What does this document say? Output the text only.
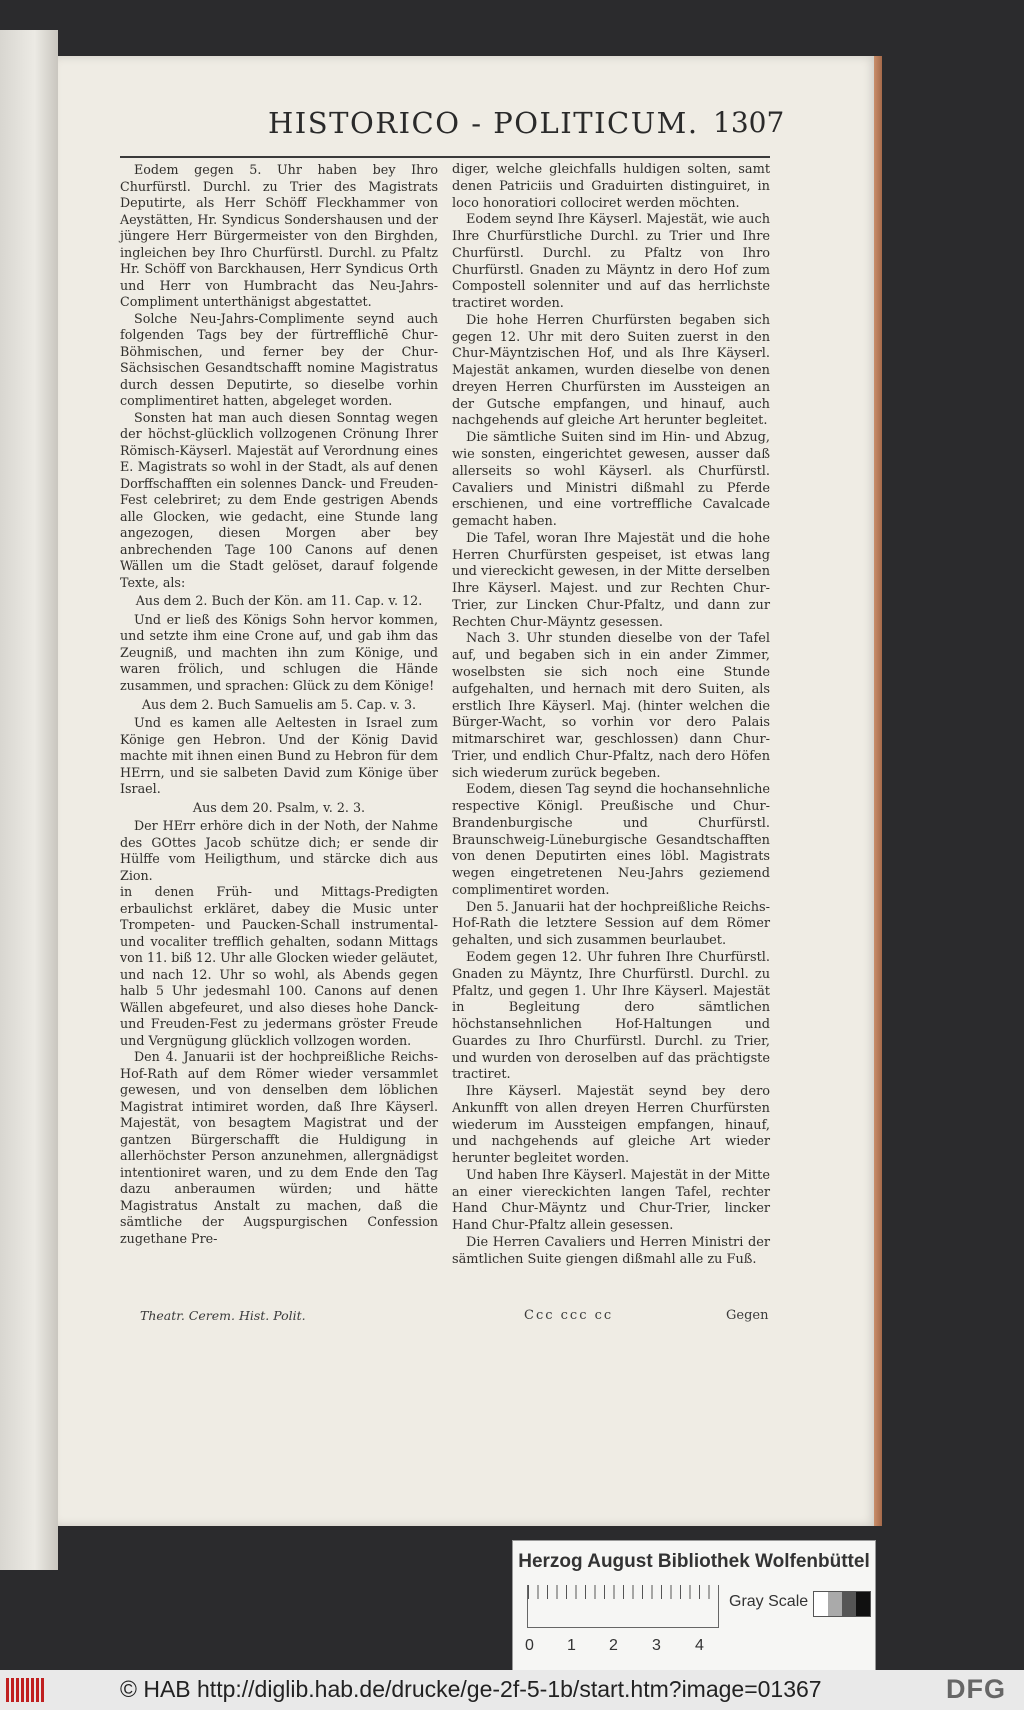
HISTORICO - POLITICUM. 1307

Eodem gegen 5. Uhr haben bey Ihro Churfürstl. Durchl. zu Trier des Magistrats Deputirte, als Herr Schöff Fleckhammer von Aeystätten, Hr. Syndicus Sondershausen und der jüngere Herr Bürgermeister von den Birghden, ingleichen bey Ihro Churfürstl. Durchl. zu Pfaltz Hr. Schöff von Barckhausen, Herr Syndicus Orth und Herr von Humbracht das Neu-Jahrs-Compliment unterthänigst abgestattet.

Solche Neu-Jahrs-Complimente seynd auch folgenden Tags bey der fürtrefflichē Chur-Böhmischen, und ferner bey der Chur-Sächsischen Gesandtschafft nomine Magistratus durch dessen Deputirte, so dieselbe vorhin complimentiret hatten, abgeleget worden.

Sonsten hat man auch diesen Sonntag wegen der höchst-glücklich vollzogenen Crönung Ihrer Römisch-Käyserl. Majestät auf Verordnung eines E. Magistrats so wohl in der Stadt, als auf denen Dorffschafften ein solennes Danck- und Freuden-Fest celebriret; zu dem Ende gestrigen Abends alle Glocken, wie gedacht, eine Stunde lang angezogen, diesen Morgen aber bey anbrechenden Tage 100 Canons auf denen Wällen um die Stadt gelöset, darauf folgende Texte, als:

Aus dem 2. Buch der Kön. am 11. Cap. v. 12.

Und er ließ des Königs Sohn hervor kommen, und setzte ihm eine Crone auf, und gab ihm das Zeugniß, und machten ihn zum Könige, und waren frölich, und schlugen die Hände zusammen, und sprachen: Glück zu dem Könige!

Aus dem 2. Buch Samuelis am 5. Cap. v. 3.

Und es kamen alle Aeltesten in Israel zum Könige gen Hebron. Und der König David machte mit ihnen einen Bund zu Hebron für dem HErrn, und sie salbeten David zum Könige über Israel.

Aus dem 20. Psalm, v. 2. 3.

Der HErr erhöre dich in der Noth, der Nahme des GOttes Jacob schütze dich; er sende dir Hülffe vom Heiligthum, und stärcke dich aus Zion.

in denen Früh- und Mittags-Predigten erbaulichst erkläret, dabey die Music unter Trompeten- und Paucken-Schall instrumental- und vocaliter trefflich gehalten, sodann Mittags von 11. biß 12. Uhr alle Glocken wieder geläutet, und nach 12. Uhr so wohl, als Abends gegen halb 5 Uhr jedesmahl 100. Canons auf denen Wällen abgefeuret, und also dieses hohe Danck- und Freuden-Fest zu jedermans gröster Freude und Vergnügung glücklich vollzogen worden.

Den 4. Januarii ist der hochpreißliche Reichs-Hof-Rath auf dem Römer wieder versammlet gewesen, und von denselben dem löblichen Magistrat intimiret worden, daß Ihre Käyserl. Majestät, von besagtem Magistrat und der gantzen Bürgerschafft die Huldigung in allerhöchster Person anzunehmen, allergnädigst intentioniret waren, und zu dem Ende den Tag dazu anberaumen würden; und hätte Magistratus Anstalt zu machen, daß die sämtliche der Augspurgischen Confession zugethane Pre-

diger, welche gleichfalls huldigen solten, samt denen Patriciis und Graduirten distinguiret, in loco honoratiori collociret werden möchten.

Eodem seynd Ihre Käyserl. Majestät, wie auch Ihre Churfürstliche Durchl. zu Trier und Ihre Churfürstl. Durchl. zu Pfaltz von Ihro Churfürstl. Gnaden zu Mäyntz in dero Hof zum Compostell solenniter und auf das herrlichste tractiret worden.

Die hohe Herren Churfürsten begaben sich gegen 12. Uhr mit dero Suiten zuerst in den Chur-Mäyntzischen Hof, und als Ihre Käyserl. Majestät ankamen, wurden dieselbe von denen dreyen Herren Churfürsten im Aussteigen an der Gutsche empfangen, und hinauf, auch nachgehends auf gleiche Art herunter begleitet.

Die sämtliche Suiten sind im Hin- und Abzug, wie sonsten, eingerichtet gewesen, ausser daß allerseits so wohl Käyserl. als Churfürstl. Cavaliers und Ministri dißmahl zu Pferde erschienen, und eine vortreffliche Cavalcade gemacht haben.

Die Tafel, woran Ihre Majestät und die hohe Herren Churfürsten gespeiset, ist etwas lang und viereckicht gewesen, in der Mitte derselben Ihre Käyserl. Majest. und zur Rechten Chur-Trier, zur Lincken Chur-Pfaltz, und dann zur Rechten Chur-Mäyntz gesessen.

Nach 3. Uhr stunden dieselbe von der Tafel auf, und begaben sich in ein ander Zimmer, woselbsten sie sich noch eine Stunde aufgehalten, und hernach mit dero Suiten, als erstlich Ihre Käyserl. Maj. (hinter welchen die Bürger-Wacht, so vorhin vor dero Palais mitmarschiret war, geschlossen) dann Chur-Trier, und endlich Chur-Pfaltz, nach dero Höfen sich wiederum zurück begeben.

Eodem, diesen Tag seynd die hochansehnliche respective Königl. Preußische und Chur-Brandenburgische und Churfürstl. Braunschweig-Lüneburgische Gesandtschafften von denen Deputirten eines löbl. Magistrats wegen eingetretenen Neu-Jahrs geziemend complimentiret worden.

Den 5. Januarii hat der hochpreißliche Reichs-Hof-Rath die letztere Session auf dem Römer gehalten, und sich zusammen beurlaubet.

Eodem gegen 12. Uhr fuhren Ihre Churfürstl. Gnaden zu Mäyntz, Ihre Churfürstl. Durchl. zu Pfaltz, und gegen 1. Uhr Ihre Käyserl. Majestät in Begleitung dero sämtlichen höchstansehnlichen Hof-Haltungen und Guardes zu Ihro Churfürstl. Durchl. zu Trier, und wurden von deroselben auf das prächtigste tractiret.

Ihre Käyserl. Majestät seynd bey dero Ankunfft von allen dreyen Herren Churfürsten wiederum im Aussteigen empfangen, hinauf, und nachgehends auf gleiche Art wieder herunter begleitet worden.

Und haben Ihre Käyserl. Majestät in der Mitte an einer viereckichten langen Tafel, rechter Hand Chur-Mäyntz und Chur-Trier, lincker Hand Chur-Pfaltz allein gesessen.

Die Herren Cavaliers und Herren Ministri der sämtlichen Suite giengen dißmahl alle zu Fuß.

Theatr. Cerem. Hist. Polit.	Ccc ccc cc	Gegen
Herzog August Bibliothek Wolfenbüttel
0 1 2 3 4
Gray Scale
© HAB http://diglib.hab.de/drucke/ge-2f-5-1b/start.htm?image=01367	DFG
